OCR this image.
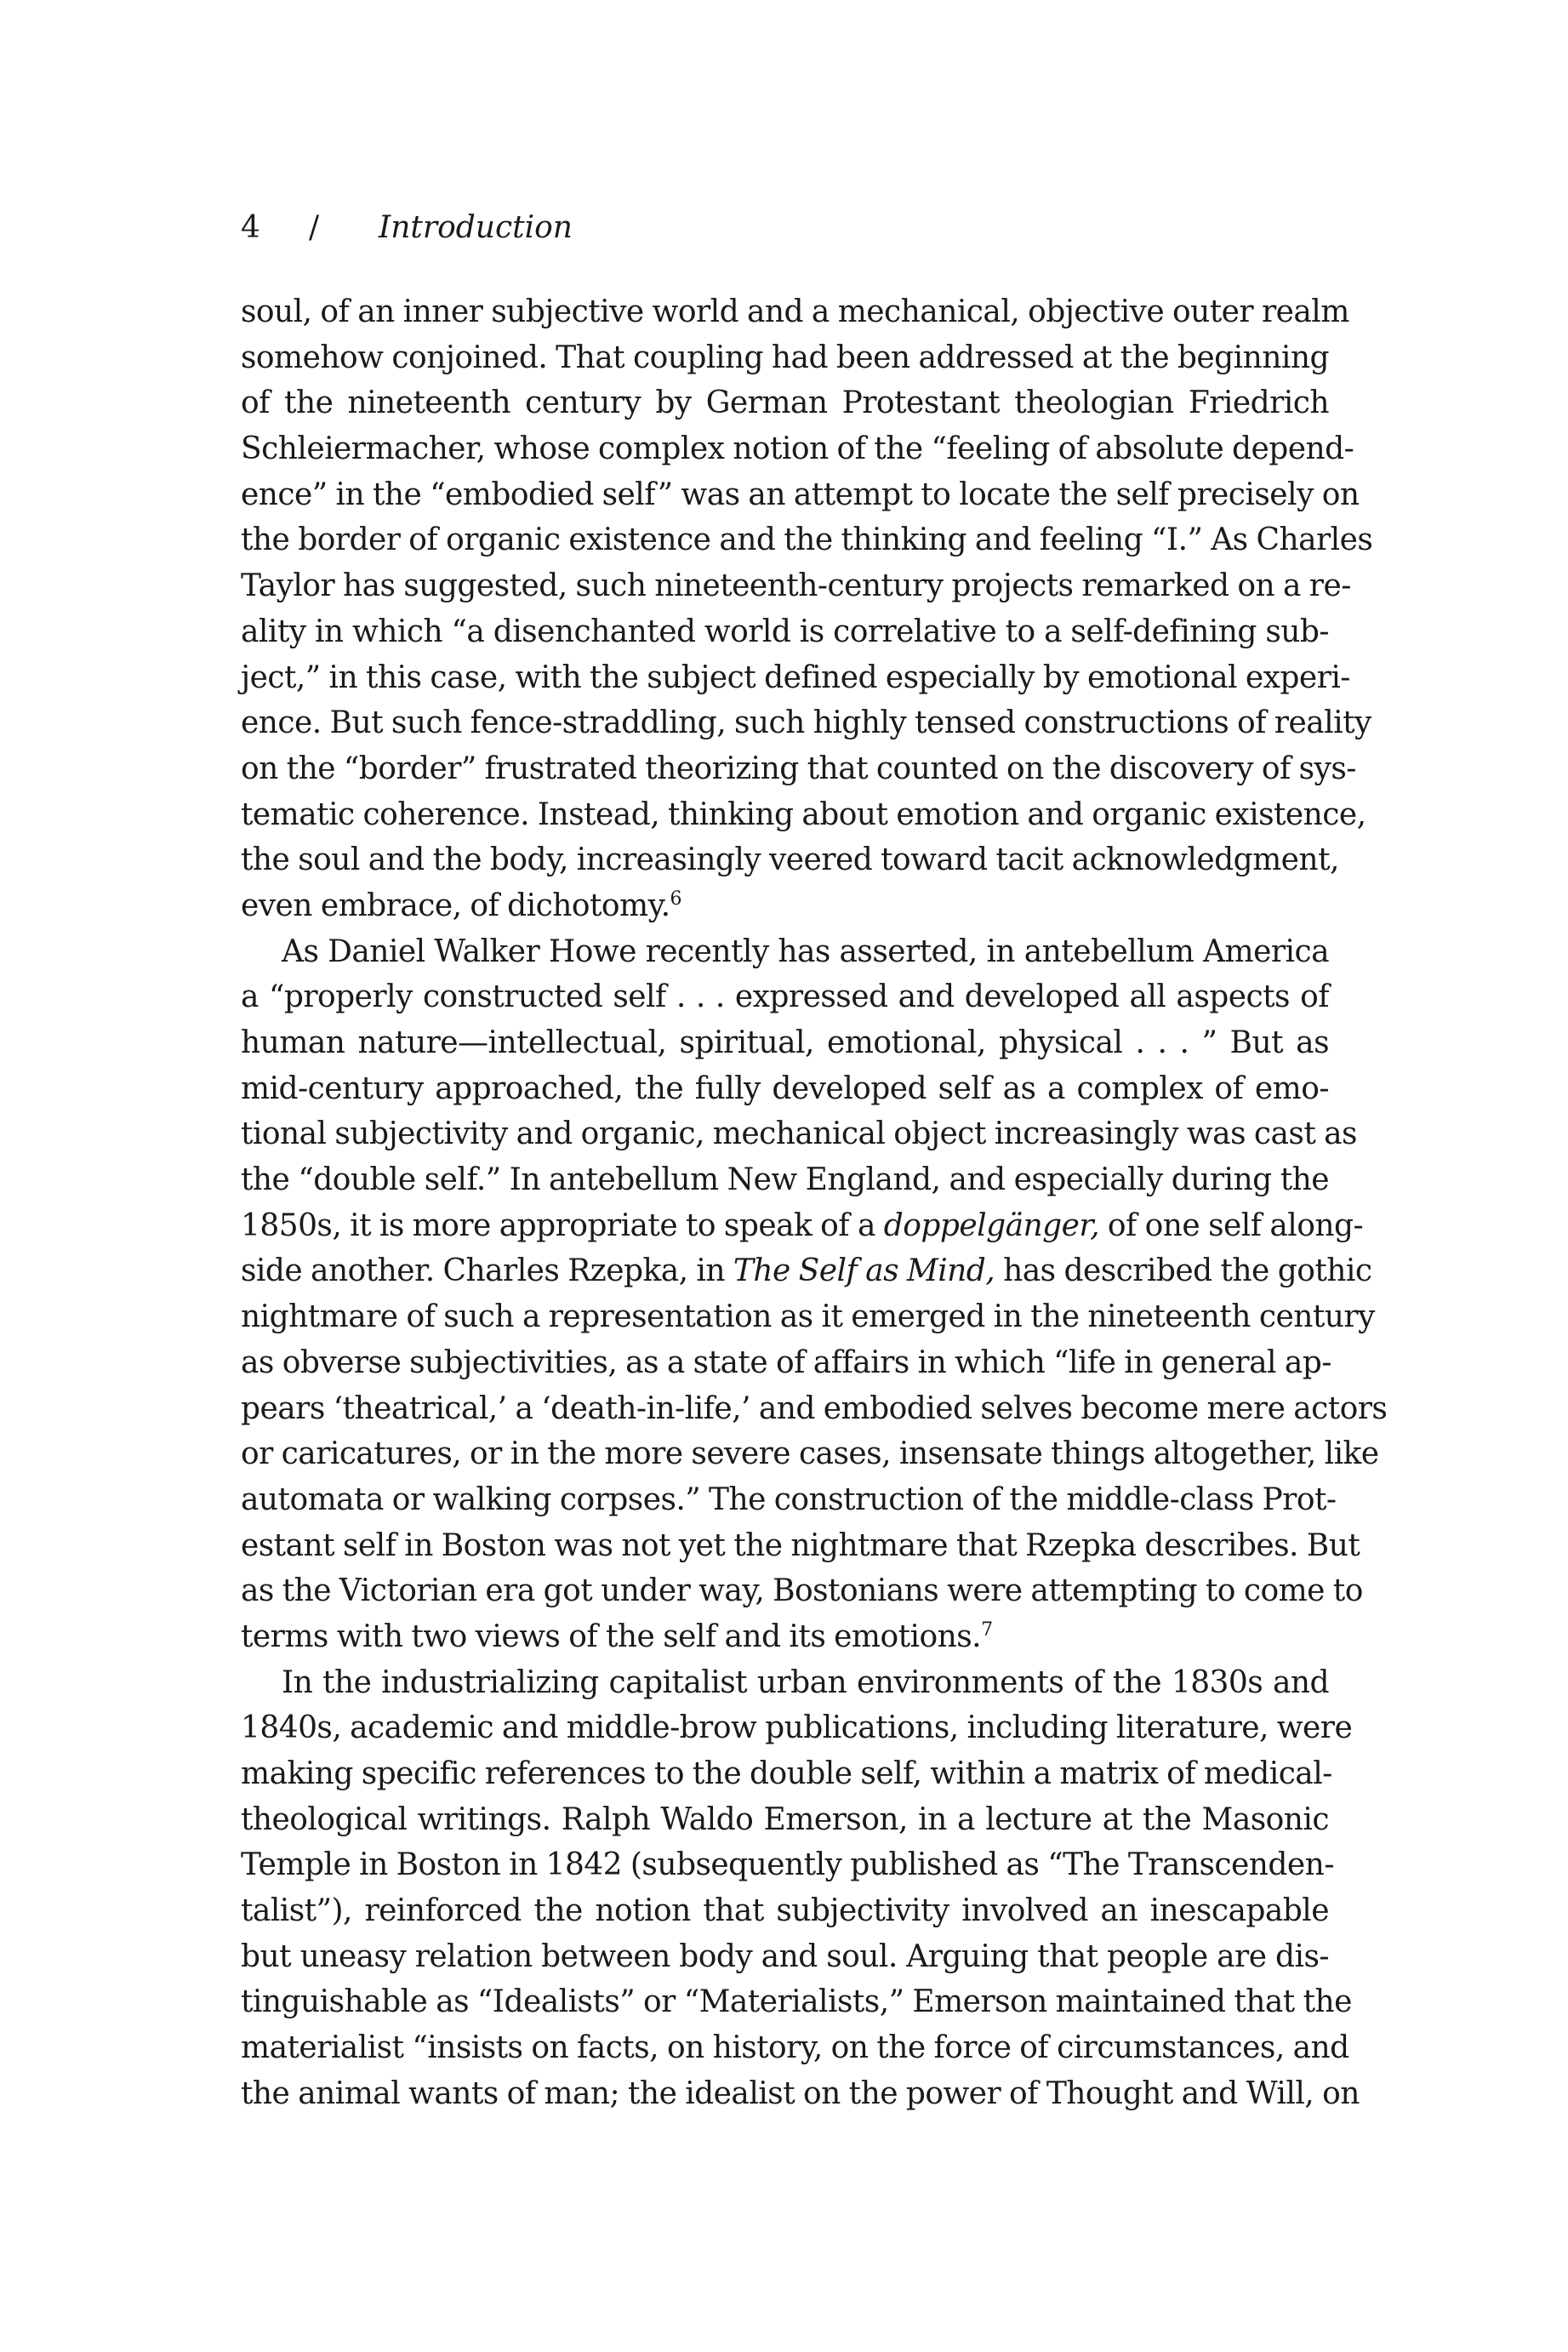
4 / Introduction
soul, of an inner subjective world and a mechanical, objective outer realm
somehow conjoined. That coupling had been addressed at the beginning
of the nineteenth century by German Protestant theologian Friedrich
Schleiermacher, whose complex notion of the “feeling of absolute depend-
ence” in the “embodied self” was an attempt to locate the self precisely on
the border of organic existence and the thinking and feeling “I.” As Charles
Taylor has suggested, such nineteenth-century projects remarked on a re-
ality in which “a disenchanted world is correlative to a self-defining sub-
ject,” in this case, with the subject defined especially by emotional experi-
ence. But such fence-straddling, such highly tensed constructions of reality
on the “border” frustrated theorizing that counted on the discovery of sys-
tematic coherence. Instead, thinking about emotion and organic existence,
the soul and the body, increasingly veered toward tacit acknowledgment,
even embrace, of dichotomy.$^6$
As Daniel Walker Howe recently has asserted, in antebellum America
a “properly constructed self . . . expressed and developed all aspects of
human nature—intellectual, spiritual, emotional, physical . . . ” But as
mid-century approached, the fully developed self as a complex of emo-
tional subjectivity and organic, mechanical object increasingly was cast as
the “double self.” In antebellum New England, and especially during the
1850s, it is more appropriate to speak of a doppelgänger, of one self along-
side another. Charles Rzepka, in The Self as Mind, has described the gothic
nightmare of such a representation as it emerged in the nineteenth century
as obverse subjectivities, as a state of affairs in which “life in general ap-
pears ‘theatrical,’ a ‘death-in-life,’ and embodied selves become mere actors
or caricatures, or in the more severe cases, insensate things altogether, like
automata or walking corpses.” The construction of the middle-class Prot-
estant self in Boston was not yet the nightmare that Rzepka describes. But
as the Victorian era got under way, Bostonians were attempting to come to
terms with two views of the self and its emotions.$^7$
In the industrializing capitalist urban environments of the 1830s and
1840s, academic and middle-brow publications, including literature, were
making specific references to the double self, within a matrix of medical-
theological writings. Ralph Waldo Emerson, in a lecture at the Masonic
Temple in Boston in 1842 (subsequently published as “The Transcenden-
talist”), reinforced the notion that subjectivity involved an inescapable
but uneasy relation between body and soul. Arguing that people are dis-
tinguishable as “Idealists” or “Materialists,” Emerson maintained that the
materialist “insists on facts, on history, on the force of circumstances, and
the animal wants of man; the idealist on the power of Thought and Will, on
